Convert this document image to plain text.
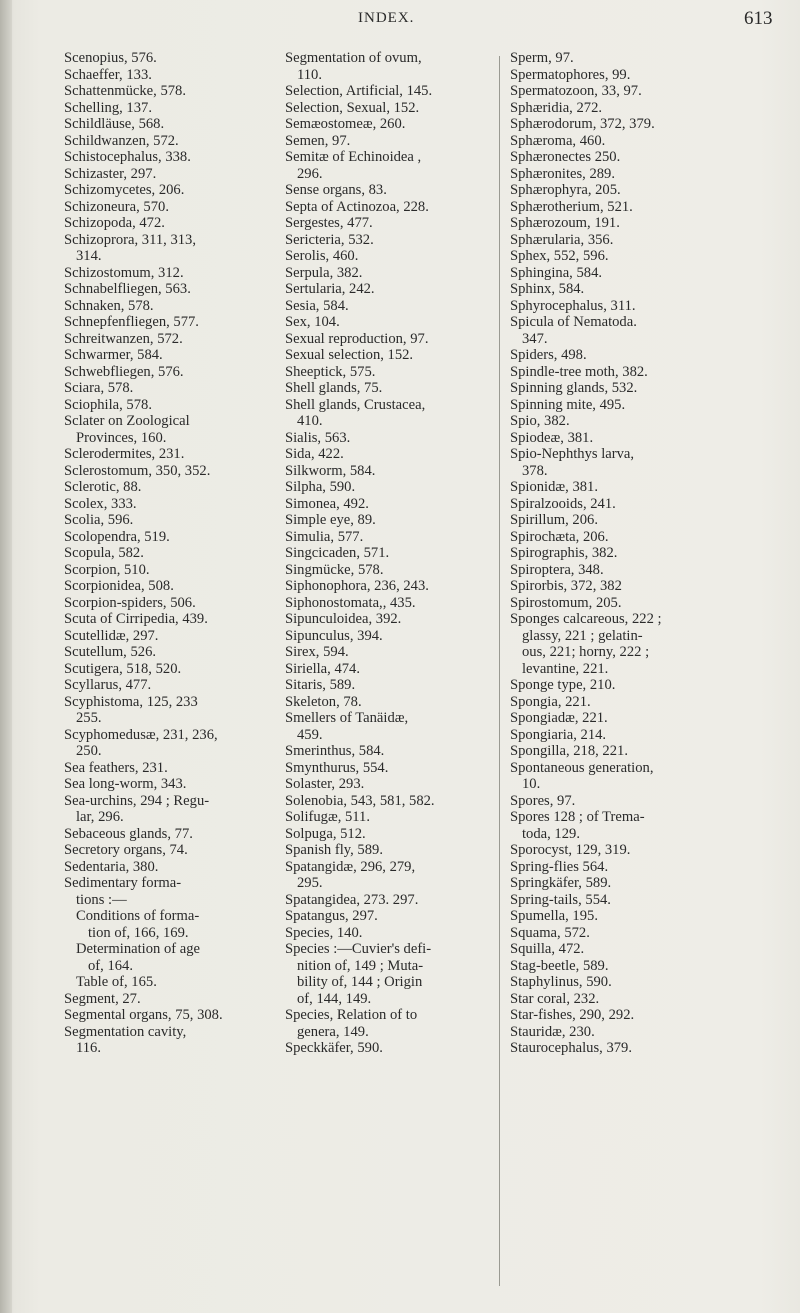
INDEX.	613
Scenopius, 576.
Schaeffer, 133.
Schattenmücke, 578.
Schelling, 137.
Schildläuse, 568.
Schildwanzen, 572.
Schistocephalus, 338.
Schizaster, 297.
Schizomycetes, 206.
Schizoneura, 570.
Schizopoda, 472.
Schizoprora, 311, 313,
314.
Schizostomum, 312.
Schnabelfliegen, 563.
Schnaken, 578.
Schnepfenfliegen, 577.
Schreitwanzen, 572.
Schwarmer, 584.
Schwebfliegen, 576.
Sciara, 578.
Sciophila, 578.
Sclater on Zoological
Provinces, 160.
Sclerodermites, 231.
Sclerostomum, 350, 352.
Sclerotic, 88.
Scolex, 333.
Scolia, 596.
Scolopendra, 519.
Scopula, 582.
Scorpion, 510.
Scorpionidea, 508.
Scorpion-spiders, 506.
Scuta of Cirripedia, 439.
Scutellidæ, 297.
Scutellum, 526.
Scutigera, 518, 520.
Scyllarus, 477.
Scyphistoma, 125, 233
255.
Scyphomedusæ, 231, 236,
250.
Sea feathers, 231.
Sea long-worm, 343.
Sea-urchins, 294 ; Regu-
lar, 296.
Sebaceous glands, 77.
Secretory organs, 74.
Sedentaria, 380.
Sedimentary forma-
tions :—
Conditions of forma-
tion of, 166, 169.
Determination of age
of, 164.
Table of, 165.
Segment, 27.
Segmental organs, 75, 308.
Segmentation cavity,
116.
Segmentation of ovum,
110.
Selection, Artificial, 145.
Selection, Sexual, 152.
Semæostomeæ, 260.
Semen, 97.
Semitæ of Echinoidea ,
296.
Sense organs, 83.
Septa of Actinozoa, 228.
Sergestes, 477.
Sericteria, 532.
Serolis, 460.
Serpula, 382.
Sertularia, 242.
Sesia, 584.
Sex, 104.
Sexual reproduction, 97.
Sexual selection, 152.
Sheeptick, 575.
Shell glands, 75.
Shell glands, Crustacea,
410.
Sialis, 563.
Sida, 422.
Silkworm, 584.
Silpha, 590.
Simonea, 492.
Simple eye, 89.
Simulia, 577.
Singcicaden, 571.
Singmücke, 578.
Siphonophora, 236, 243.
Siphonostomata,, 435.
Sipunculoidea, 392.
Sipunculus, 394.
Sirex, 594.
Siriella, 474.
Sitaris, 589.
Skeleton, 78.
Smellers of Tanäidæ,
459.
Smerinthus, 584.
Smynthurus, 554.
Solaster, 293.
Solenobia, 543, 581, 582.
Solifugæ, 511.
Solpuga, 512.
Spanish fly, 589.
Spatangidæ, 296, 279,
295.
Spatangidea, 273. 297.
Spatangus, 297.
Species, 140.
Species :—Cuvier's defi-
nition of, 149 ; Muta-
bility of, 144 ; Origin
of, 144, 149.
Species, Relation of to
genera, 149.
Speckkäfer, 590.
Sperm, 97.
Spermatophores, 99.
Spermatozoon, 33, 97.
Sphæridia, 272.
Sphærodorum, 372, 379.
Sphæroma, 460.
Sphæronectes 250.
Sphæronites, 289.
Sphærophyra, 205.
Sphærotherium, 521.
Sphærozoum, 191.
Sphærularia, 356.
Sphex, 552, 596.
Sphingina, 584.
Sphinx, 584.
Sphyrocephalus, 311.
Spicula of Nematoda.
347.
Spiders, 498.
Spindle-tree moth, 382.
Spinning glands, 532.
Spinning mite, 495.
Spio, 382.
Spiodeæ, 381.
Spio-Nephthys larva,
378.
Spionidæ, 381.
Spiralzooids, 241.
Spirillum, 206.
Spirochæta, 206.
Spirographis, 382.
Spiroptera, 348.
Spirorbis, 372, 382
Spirostomum, 205.
Sponges calcareous, 222 ;
glassy, 221 ; gelatin-
ous, 221; horny, 222 ;
levantine, 221.
Sponge type, 210.
Spongia, 221.
Spongiadæ, 221.
Spongiaria, 214.
Spongilla, 218, 221.
Spontaneous generation,
10.
Spores, 97.
Spores 128 ; of Trema-
toda, 129.
Sporocyst, 129, 319.
Spring-flies 564.
Springkäfer, 589.
Spring-tails, 554.
Spumella, 195.
Squama, 572.
Squilla, 472.
Stag-beetle, 589.
Staphylinus, 590.
Star coral, 232.
Star-fishes, 290, 292.
Stauridæ, 230.
Staurocephalus, 379.
